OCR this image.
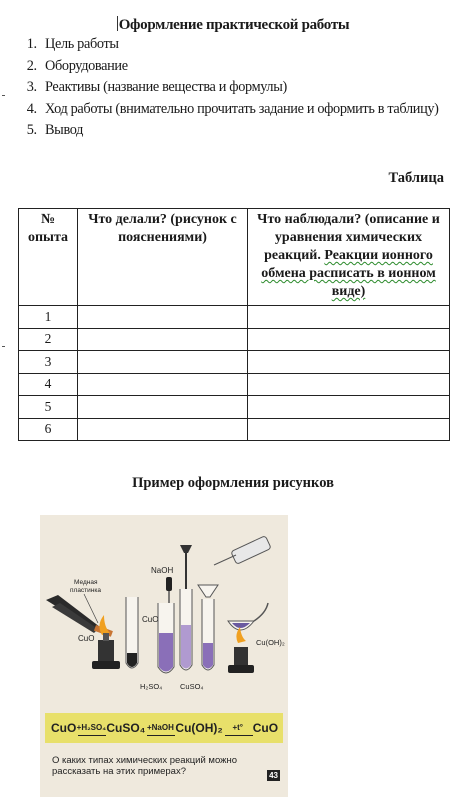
Оформление практической работы
1. Цель работы
2. Оборудование
3. Реактивы (название вещества и формулы)
4. Ход работы (внимательно прочитать задание и оформить в таблицу)
5. Вывод
Таблица
№ опыта	Что делали? (рисунок с пояснениями)	Что наблюдали? (описание и уравнения химических реакций. Реакции ионного обмена расписать в ионном виде)
1		
2		
3		
4		
5		
6		
Пример оформления рисунков
Медная
пластинка
CuO
CuO
NaOH
H₂SO₄ CuSO₄
Cu(OH)₂
CuO +H₂SO₄ CuSO₄ +NaOH Cu(OH)₂	+t° CuO
О каких типах химических реакций можно рассказать на этих примерах?	43
